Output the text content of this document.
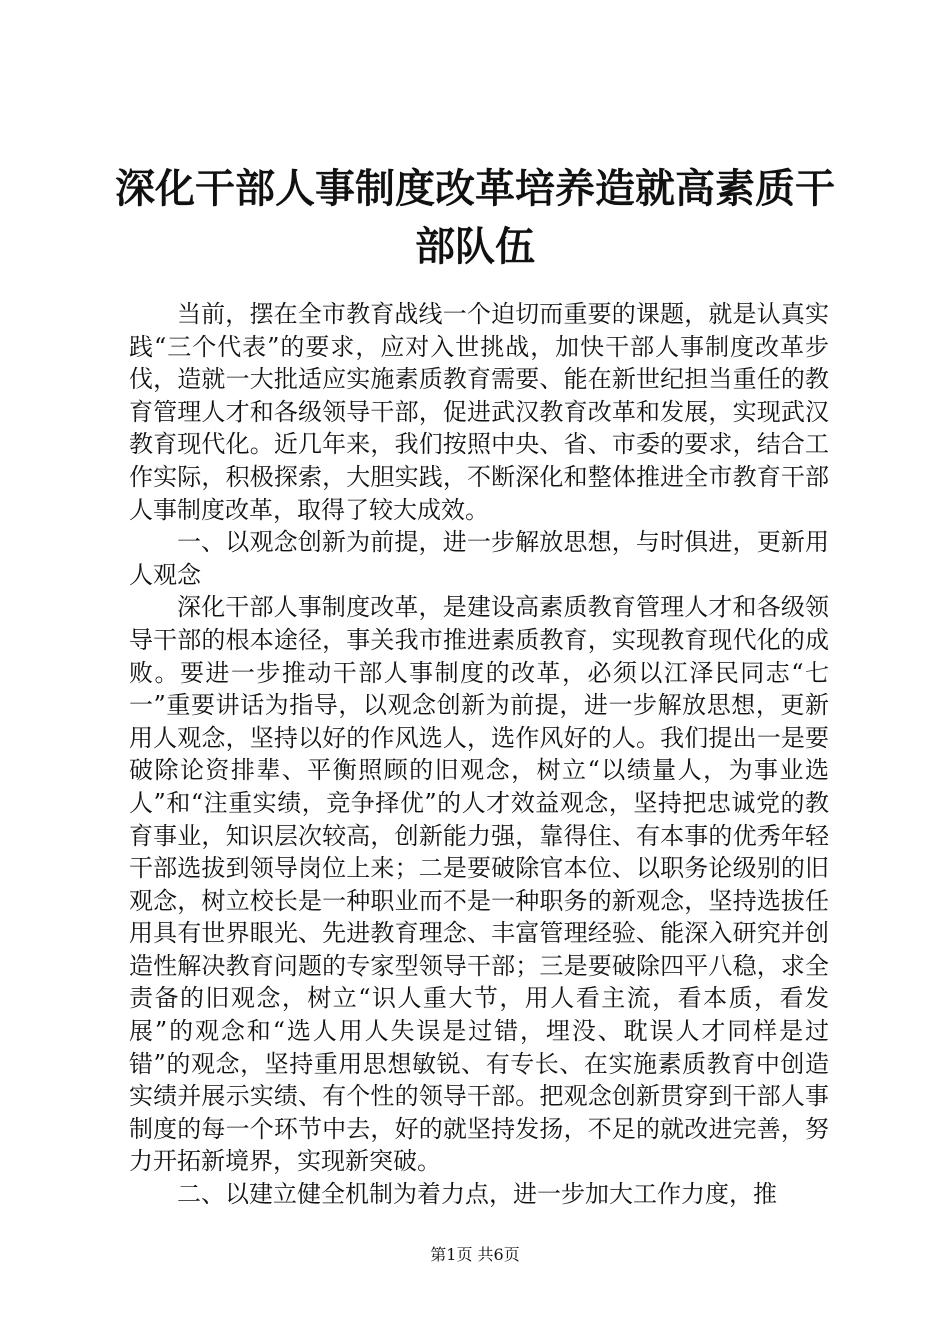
深化干部人事制度改革培养造就高素质干部队伍

当前，摆在全市教育战线一个迫切而重要的课题，就是认真实践“三个代表”的要求，应对入世挑战，加快干部人事制度改革步伐，造就一大批适应实施素质教育需要、能在新世纪担当重任的教育管理人才和各级领导干部，促进武汉教育改革和发展，实现武汉教育现代化。近几年来，我们按照中央、省、市委的要求，结合工作实际，积极探索，大胆实践，不断深化和整体推进全市教育干部人事制度改革，取得了较大成效。

一、以观念创新为前提，进一步解放思想，与时俱进，更新用人观念

深化干部人事制度改革，是建设高素质教育管理人才和各级领导干部的根本途径，事关我市推进素质教育，实现教育现代化的成败。要进一步推动干部人事制度的改革，必须以江泽民同志“七一”重要讲话为指导，以观念创新为前提，进一步解放思想，更新用人观念，坚持以好的作风选人，选作风好的人。我们提出一是要破除论资排辈、平衡照顾的旧观念，树立“以绩量人，为事业选人”和“注重实绩，竞争择优”的人才效益观念，坚持把忠诚党的教育事业，知识层次较高，创新能力强，靠得住、有本事的优秀年轻干部选拔到领导岗位上来；二是要破除官本位、以职务论级别的旧观念，树立校长是一种职业而不是一种职务的新观念，坚持选拔任用具有世界眼光、先进教育理念、丰富管理经验、能深入研究并创造性解决教育问题的专家型领导干部；三是要破除四平八稳，求全责备的旧观念，树立“识人重大节，用人看主流，看本质，看发展”的观念和“选人用人失误是过错，埋没、耽误人才同样是过错”的观念，坚持重用思想敏锐、有专长、在实施素质教育中创造实绩并展示实绩、有个性的领导干部。把观念创新贯穿到干部人事制度的每一个环节中去，好的就坚持发扬，不足的就改进完善，努力开拓新境界，实现新突破。

二、以建立健全机制为着力点，进一步加大工作力度，推

第1页 共6页
